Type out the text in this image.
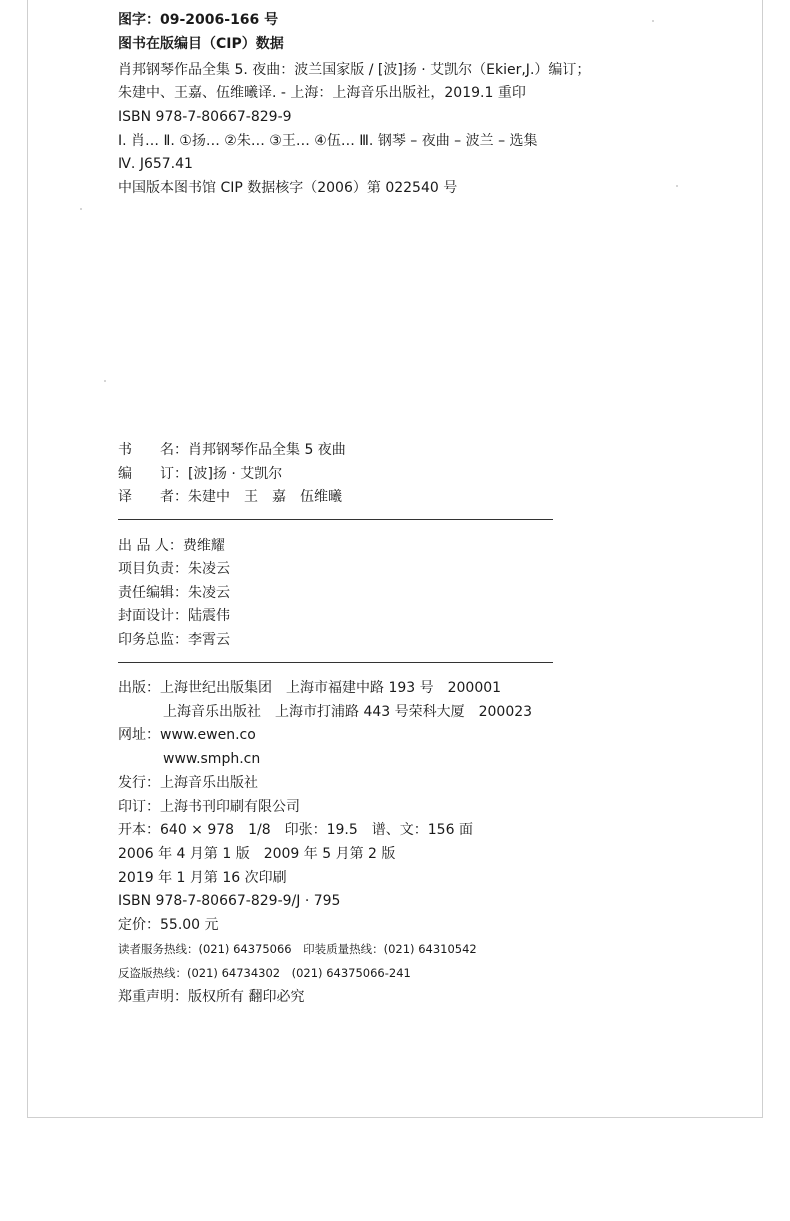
图字：09-2006-166 号
图书在版编目（CIP）数据
肖邦钢琴作品全集 5. 夜曲：波兰国家版 / [波]扬 · 艾凯尔（Ekier,J.）编订；
朱建中、王嘉、伍维曦译. - 上海：上海音乐出版社，2019.1 重印
ISBN 978-7-80667-829-9
Ⅰ. 肖… Ⅱ. ①扬… ②朱… ③王… ④伍… Ⅲ. 钢琴 – 夜曲 – 波兰 – 选集
Ⅳ. J657.41
中国版本图书馆 CIP 数据核字（2006）第 022540 号
书　　名：肖邦钢琴作品全集 5 夜曲
编　　订：[波]扬 · 艾凯尔
译　　者：朱建中　王　嘉　伍维曦
出 品 人：费维耀
项目负责：朱凌云
责任编辑：朱凌云
封面设计：陆震伟
印务总监：李霄云
出版：上海世纪出版集团　上海市福建中路 193 号　200001
上海音乐出版社　上海市打浦路 443 号荣科大厦　200023
网址：www.ewen.co
www.smph.cn
发行：上海音乐出版社
印订：上海书刊印刷有限公司
开本：640 × 978　1/8　印张：19.5　谱、文：156 面
2006 年 4 月第 1 版　2009 年 5 月第 2 版
2019 年 1 月第 16 次印刷
ISBN 978-7-80667-829-9/J · 795
定价：55.00 元
读者服务热线：(021) 64375066　印装质量热线：(021) 64310542
反盗版热线：(021) 64734302　(021) 64375066-241
郑重声明：版权所有 翻印必究
